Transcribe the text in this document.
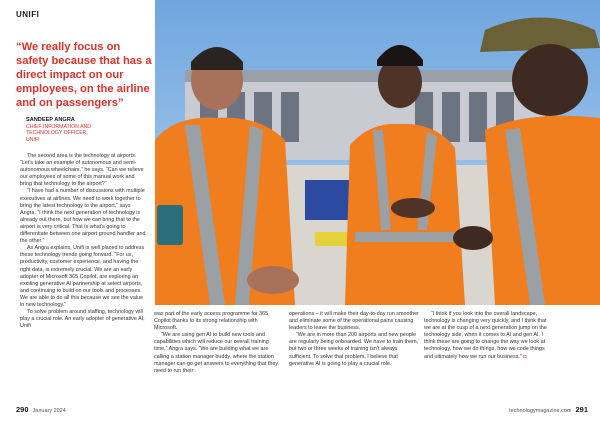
UNIFI
“We really focus on safety because that has a direct impact on our employees, on the airline and on passengers”
SANDEEP ANGRA
CHIEF INFORMATION AND
TECHNOLOGY OFFICER,
UNIFI

The second area is the technology at airports. “Let’s take an example of autonomous and semi-autonomous wheelchairs,” he says. “Can we relieve our employees of some of this manual work and bring that technology to the airport?”

“I have had a number of discussions with multiple executives at airlines. We need to work together to bring the latest technology to the airport,” says Angra. “I think the next generation of technology is already out there, but how we can bring that to the airport is very critical. That is what’s going to differentiate between one airport ground handler and the other.”

As Angra explains, Unifi is well placed to address these technology trends going forward. “For us, productivity, customer experience, and having the right data, is extremely crucial. We are an early adopter of Microsoft 365 Copilot, are exploring an exciting generative AI partnership at select airports, and continuing to build on our tools and processes. We are able to do all this because we see the value in new technology.”

To solve problem around staffing, technology will play a crucial role. An early adopter of generative AI, Unifi

was part of the early access programme for 365 Copilot thanks to its strong relationship with Microsoft.

“We are using gen AI to build new tools and capabilities which will reduce our overall training time,” Angra says. “We are building what we are calling a station manager buddy, where the station manager can go get answers to everything that they need to run their

operations – it will make their day-to-day run smoother and eliminate some of the operational pains causing leaders to leave the business.

“We are in more than 200 airports and new people are regularly being onboarded. We have to train them, but two or three weeks of training isn’t always sufficient. To solve that problem, I believe that generative AI is going to play a crucial role.

“I think if you look into the overall landscape, technology is changing very quickly, and I think that we are at the cusp of a next generation jump on the technology side, when it comes to AI and gen AI. I think these are going to change the way we look at technology, how we do things, how we code things and ultimately how we run our business.” ◘

290 January 2024	technologymagazine.com 291
